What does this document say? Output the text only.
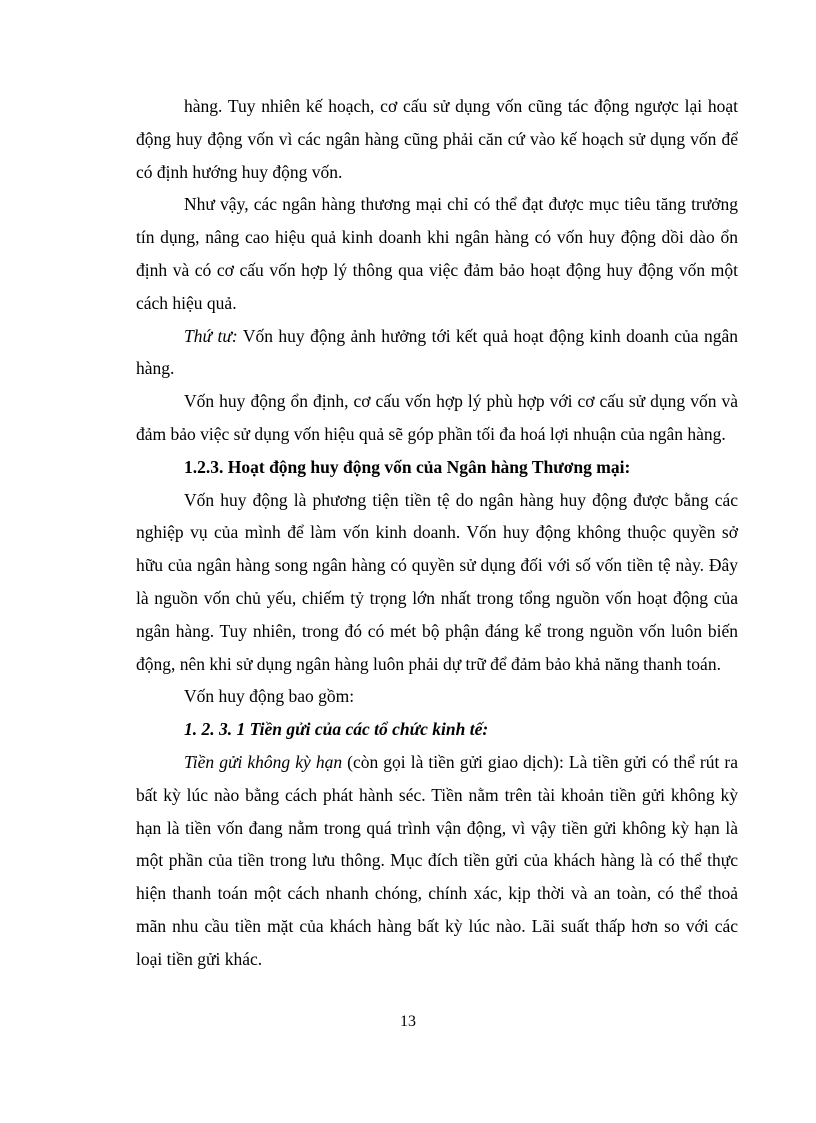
hàng. Tuy nhiên kế hoạch, cơ cấu sử dụng vốn cũng tác động ngược lại hoạt động huy động vốn vì các ngân hàng cũng phải căn cứ vào kế hoạch sử dụng vốn để có định hướng huy động vốn.

Như vậy, các ngân hàng thương mại chỉ có thể đạt được mục tiêu tăng trưởng tín dụng, nâng cao hiệu quả kinh doanh khi ngân hàng có vốn huy động dồi dào ổn định và có cơ cấu vốn hợp lý thông qua việc đảm bảo hoạt động huy động vốn một cách hiệu quả.

Thứ tư: Vốn huy động ảnh hưởng tới kết quả hoạt động kinh doanh của ngân hàng.

Vốn huy động ổn định, cơ cấu vốn hợp lý phù hợp với cơ cấu sử dụng vốn và đảm bảo việc sử dụng vốn hiệu quả sẽ góp phần tối đa hoá lợi nhuận của ngân hàng.

1.2.3. Hoạt động huy động vốn của Ngân hàng Thương mại:

Vốn huy động là phương tiện tiền tệ do ngân hàng huy động được bằng các nghiệp vụ của mình để làm vốn kinh doanh. Vốn huy động không thuộc quyền sở hữu của ngân hàng song ngân hàng có quyền sử dụng đối với số vốn tiền tệ này. Đây là nguồn vốn chủ yếu, chiếm tỷ trọng lớn nhất trong tổng nguồn vốn hoạt động của ngân hàng. Tuy nhiên, trong đó có mét bộ phận đáng kể trong nguồn vốn luôn biến động, nên khi sử dụng ngân hàng luôn phải dự trữ để đảm bảo khả năng thanh toán.

Vốn huy động bao gồm:

1. 2. 3. 1 Tiền gửi của các tổ chức kinh tế:

Tiền gửi không kỳ hạn (còn gọi là tiền gửi giao dịch): Là tiền gửi có thể rút ra bất kỳ lúc nào bằng cách phát hành séc. Tiền nằm trên tài khoản tiền gửi không kỳ hạn là tiền vốn đang nằm trong quá trình vận động, vì vậy tiền gửi không kỳ hạn là một phần của tiền trong lưu thông. Mục đích tiền gửi của khách hàng là có thể thực hiện thanh toán một cách nhanh chóng, chính xác, kịp thời và an toàn, có thể thoả mãn nhu cầu tiền mặt của khách hàng bất kỳ lúc nào. Lãi suất thấp hơn so với các loại tiền gửi khác.

13
